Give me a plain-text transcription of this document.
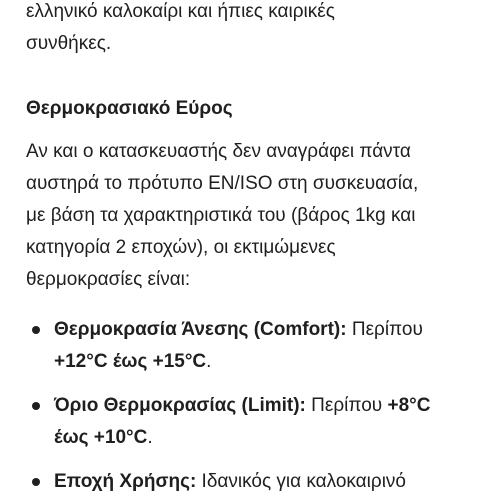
ελληνικό καλοκαίρι και ήπιες καιρικές
συνθήκες.

Θερμοκρασιακό Εύρος

Αν και ο κατασκευαστής δεν αναγράφει πάντα
αυστηρά το πρότυπο EN/ISO στη συσκευασία,
με βάση τα χαρακτηριστικά του (βάρος 1kg και
κατηγορία 2 εποχών), οι εκτιμώμενες
θερμοκρασίες είναι:

Θερμοκρασία Άνεσης (Comfort): Περίπου
+12°C έως +15°C.
Όριο Θερμοκρασίας (Limit): Περίπου +8°C
έως +10°C.
Εποχή Χρήσης: Ιδανικός για καλοκαιρινό
